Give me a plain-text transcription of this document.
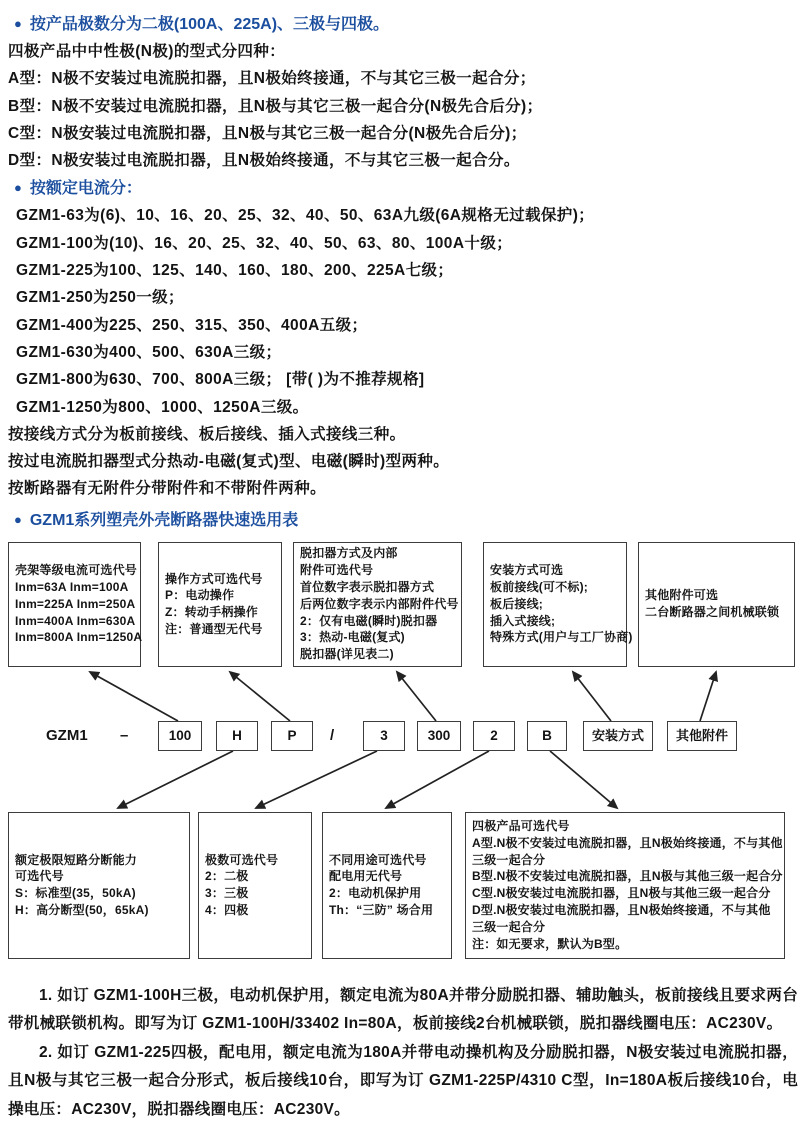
● 按产品极数分为二极(100A、225A)、三极与四极。
四极产品中中性极(N极)的型式分四种：
A型：N极不安装过电流脱扣器，且N极始终接通，不与其它三极一起合分；
B型：N极不安装过电流脱扣器，且N极与其它三极一起合分(N极先合后分)；
C型：N极安装过电流脱扣器，且N极与其它三极一起合分(N极先合后分)；
D型：N极安装过电流脱扣器，且N极始终接通，不与其它三极一起合分。
● 按额定电流分：
GZM1-63为(6)、10、16、20、25、32、40、50、63A九级(6A规格无过载保护)；
GZM1-100为(10)、16、20、25、32、40、50、63、80、100A十级；
GZM1-225为100、125、140、160、180、200、225A七级；
GZM1-250为250一级；
GZM1-400为225、250、315、350、400A五级；
GZM1-630为400、500、630A三级；
GZM1-800为630、700、800A三级； [带( )为不推荐规格]
GZM1-1250为800、1000、1250A三级。
按接线方式分为板前接线、板后接线、插入式接线三种。
按过电流脱扣器型式分热动-电磁(复式)型、电磁(瞬时)型两种。
按断路器有无附件分带附件和不带附件两种。
● GZM1系列塑壳外壳断路器快速选用表
壳架等级电流可选代号
Inm=63A Inm=100A
Inm=225A Inm=250A
Inm=400A Inm=630A
Inm=800A Inm=1250A
操作方式可选代号
P：电动操作
Z：转动手柄操作
注：普通型无代号
脱扣器方式及内部
附件可选代号
首位数字表示脱扣器方式
后两位数字表示内部附件代号
2：仅有电磁(瞬时)脱扣器
3：热动-电磁(复式)
脱扣器(详见表二)
安装方式可选
板前接线(可不标);
板后接线;
插入式接线;
特殊方式(用户与工厂协商)
其他附件可选
二台断路器之间机械联锁
GZM1 –	100	H	P	/	3	300	2	B	安装方式	其他附件
额定极限短路分断能力
可选代号
S：标准型(35，50kA)
H：高分断型(50，65kA)
极数可选代号
2：二极
3：三极
4：四极
不同用途可选代号
配电用无代号
2：电动机保护用
Th：“三防” 场合用
四极产品可选代号
A型.N极不安装过电流脱扣器，且N极始终接通，不与其他
三级一起合分
B型.N极不安装过电流脱扣器，且N极与其他三级一起合分
C型.N极安装过电流脱扣器，且N极与其他三级一起合分
D型.N极安装过电流脱扣器，且N极始终接通，不与其他
三级一起合分
注：如无要求，默认为B型。

1. 如订 GZM1-100H三极，电动机保护用，额定电流为80A并带分励脱扣器、辅助触头，板前接线且要求两台带机械联锁机构。即写为订 GZM1-100H/33402 In=80A，板前接线2台机械联锁，脱扣器线圈电压：AC230V。

2. 如订 GZM1-225四极，配电用，额定电流为180A并带电动操机构及分励脱扣器，N极安装过电流脱扣器，且N极与其它三极一起合分形式，板后接线10台，即写为订 GZM1-225P/4310 C型，In=180A板后接线10台，电操电压：AC230V，脱扣器线圈电压：AC230V。
